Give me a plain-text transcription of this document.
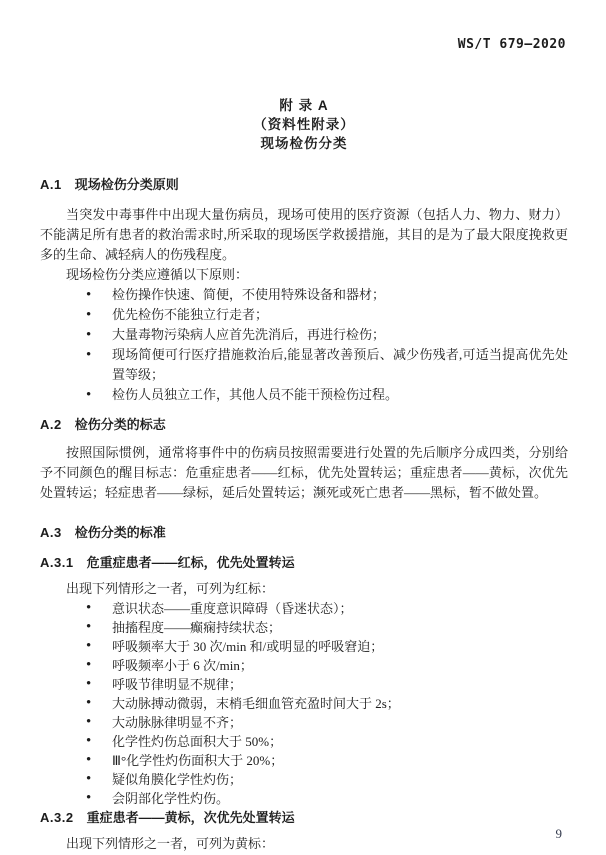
WS/T 679—2020
附 录 A
（资料性附录）
现场检伤分类
A.1 现场检伤分类原则

当突发中毒事件中出现大量伤病员，现场可使用的医疗资源（包括人力、物力、财力）不能满足所有患者的救治需求时,所采取的现场医学救援措施，其目的是为了最大限度挽救更多的生命、减轻病人的伤残程度。

现场检伤分类应遵循以下原则：

• 检伤操作快速、简便，不使用特殊设备和器材；
• 优先检伤不能独立行走者；
• 大量毒物污染病人应首先洗消后，再进行检伤；
• 现场简便可行医疗措施救治后,能显著改善预后、减少伤残者,可适当提高优先处置等级；
• 检伤人员独立工作，其他人员不能干预检伤过程。
A.2 检伤分类的标志

按照国际惯例，通常将事件中的伤病员按照需要进行处置的先后顺序分成四类，分别给予不同颜色的醒目标志：危重症患者——红标，优先处置转运；重症患者——黄标，次优先处置转运；轻症患者——绿标，延后处置转运；濒死或死亡患者——黑标，暂不做处置。

A.3 检伤分类的标准
A.3.1 危重症患者——红标，优先处置转运

出现下列情形之一者，可列为红标：

• 意识状态——重度意识障碍（昏迷状态）；
• 抽搐程度——癫痫持续状态；
• 呼吸频率大于 30 次/min 和/或明显的呼吸窘迫；
• 呼吸频率小于 6 次/min；
• 呼吸节律明显不规律；
• 大动脉搏动微弱，末梢毛细血管充盈时间大于 2s；
• 大动脉脉律明显不齐；
• 化学性灼伤总面积大于 50%；
• Ⅲ°化学性灼伤面积大于 20%；
• 疑似角膜化学性灼伤；
• 会阴部化学性灼伤。
A.3.2 重症患者——黄标，次优先处置转运

出现下列情形之一者，可列为黄标：

9
